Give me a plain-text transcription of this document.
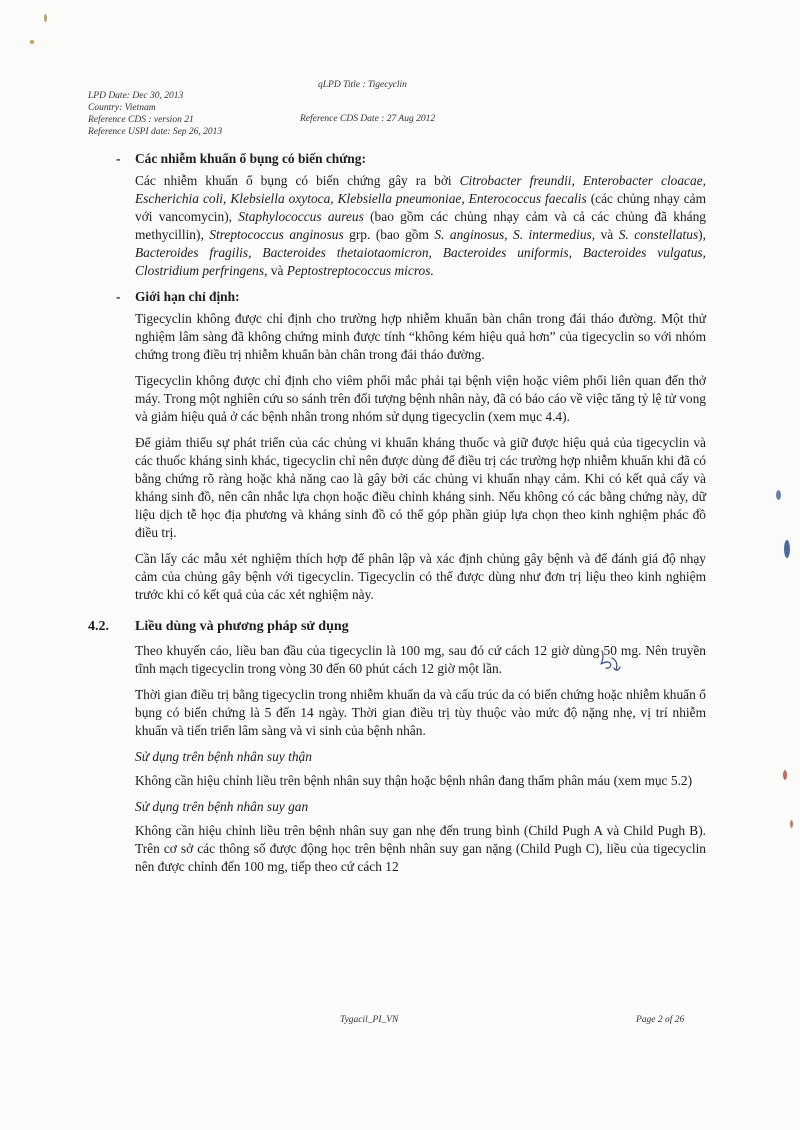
qLPD Title : Tigecyclin
LPD Date: Dec 30, 2013
Country: Vietnam
Reference CDS : version 21
Reference USPI date: Sep 26, 2013
Reference CDS Date : 27 Aug 2012
- Các nhiễm khuẩn ổ bụng có biến chứng:

Các nhiễm khuẩn ổ bụng có biến chứng gây ra bởi Citrobacter freundii, Enterobacter cloacae, Escherichia coli, Klebsiella oxytoca, Klebsiella pneumoniae, Enterococcus faecalis (các chủng nhạy cảm với vancomycin), Staphylococcus aureus (bao gồm các chủng nhạy cảm và cả các chủng đã kháng methycillin), Streptococcus anginosus grp. (bao gồm S. anginosus, S. intermedius, và S. constellatus), Bacteroides fragilis, Bacteroides thetaiotaomicron, Bacteroides uniformis, Bacteroides vulgatus, Clostridium perfringens, và Peptostreptococcus micros.

- Giới hạn chỉ định:

Tigecyclin không được chỉ định cho trường hợp nhiễm khuẩn bàn chân trong đái tháo đường. Một thử nghiệm lâm sàng đã không chứng minh được tính “không kém hiệu quả hơn” của tigecyclin so với nhóm chứng trong điều trị nhiễm khuẩn bàn chân trong đái tháo đường.

Tigecyclin không được chỉ định cho viêm phổi mắc phải tại bệnh viện hoặc viêm phổi liên quan đến thở máy. Trong một nghiên cứu so sánh trên đối tượng bệnh nhân này, đã có báo cáo về việc tăng tỷ lệ tử vong và giảm hiệu quả ở các bệnh nhân trong nhóm sử dụng tigecyclin (xem mục 4.4).

Để giảm thiểu sự phát triển của các chủng vi khuẩn kháng thuốc và giữ được hiệu quả của tigecyclin và các thuốc kháng sinh khác, tigecyclin chỉ nên được dùng để điều trị các trường hợp nhiễm khuẩn khi đã có bằng chứng rõ ràng hoặc khả năng cao là gây bởi các chủng vi khuẩn nhạy cảm. Khi có kết quả cấy và kháng sinh đồ, nên cân nhắc lựa chọn hoặc điều chỉnh kháng sinh. Nếu không có các bằng chứng này, dữ liệu dịch tễ học địa phương và kháng sinh đồ có thể góp phần giúp lựa chọn theo kinh nghiệm phác đồ điều trị.

Cần lấy các mẫu xét nghiệm thích hợp để phân lập và xác định chủng gây bệnh và để đánh giá độ nhạy cảm của chủng gây bệnh với tigecyclin. Tigecyclin có thể được dùng như đơn trị liệu theo kinh nghiệm trước khi có kết quả của các xét nghiệm này.

4.2. Liều dùng và phương pháp sử dụng

Theo khuyến cáo, liều ban đầu của tigecyclin là 100 mg, sau đó cứ cách 12 giờ dùng 50 mg. Nên truyền tĩnh mạch tigecyclin trong vòng 30 đến 60 phút cách 12 giờ một lần.

Thời gian điều trị bằng tigecyclin trong nhiễm khuẩn da và cấu trúc da có biến chứng hoặc nhiễm khuẩn ổ bụng có biến chứng là 5 đến 14 ngày. Thời gian điều trị tùy thuộc vào mức độ nặng nhẹ, vị trí nhiễm khuẩn và tiến triển lâm sàng và vi sinh của bệnh nhân.

Sử dụng trên bệnh nhân suy thận

Không cần hiệu chỉnh liều trên bệnh nhân suy thận hoặc bệnh nhân đang thẩm phân máu (xem mục 5.2)

Sử dụng trên bệnh nhân suy gan

Không cần hiệu chỉnh liều trên bệnh nhân suy gan nhẹ đến trung bình (Child Pugh A và Child Pugh B). Trên cơ sở các thông số được động học trên bệnh nhân suy gan nặng (Child Pugh C), liều của tigecyclin nên được chỉnh đến 100 mg, tiếp theo cứ cách 12

Tygacil_PI_VN	Page 2 of 26
